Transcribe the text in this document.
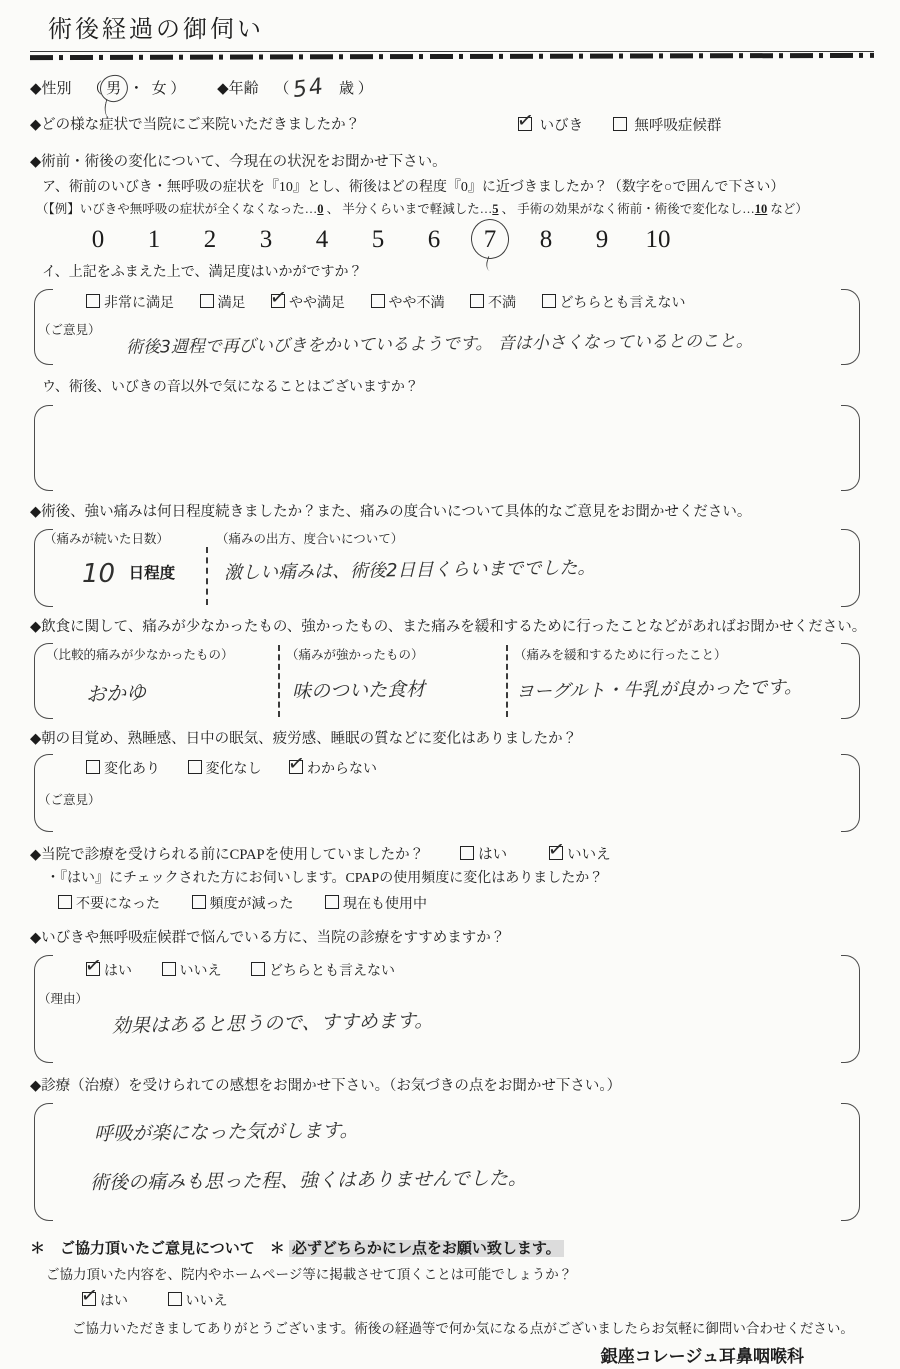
術後経過の御伺い
◆性別 （ 男 ・ 女 ） ◆年齢 （ 54 歳 ）
◆どの様な症状で当院にご来院いただきましたか？ ✓	いびき	無呼吸症候群
◆術前・術後の変化について、今現在の状況をお聞かせ下さい。
ア、術前のいびき・無呼吸の症状を『10』とし、術後はどの程度『0』に近づきましたか？（数字を○で囲んで下さい）
（【例】いびきや無呼吸の症状が全くなくなった…0 、 半分くらいまで軽減した…5 、 手術の効果がなく術前・術後で変化なし…10 など）
0	1	2	3	4	5	6	7	8	9	10
イ、上記をふまえた上で、満足度はいかがですか？
非常に満足	満足 ✓	やや満足	やや不満	不満	どちらとも言えない
（ご意見）
術後3週程で再びいびきをかいているようです。 音は小さくなっているとのこと。
ウ、術後、いびきの音以外で気になることはございますか？
◆術後、強い痛みは何日程度続きましたか？また、痛みの度合いについて具体的なご意見をお聞かせください。
（痛みが続いた日数）
10 日程度
（痛みの出方、度合いについて）
激しい痛みは、術後2日目くらいまででした。
◆飲食に関して、痛みが少なかったもの、強かったもの、また痛みを緩和するために行ったことなどがあればお聞かせください。
（比較的痛みが少なかったもの）
おかゆ
（痛みが強かったもの）
味のついた食材
（痛みを緩和するために行ったこと）
ヨーグルト・牛乳が良かったです。
◆朝の目覚め、熟睡感、日中の眠気、疲労感、睡眠の質などに変化はありましたか？
変化あり	変化なし ✓	わからない
（ご意見）
◆当院で診療を受けられる前にCPAPを使用していましたか？	はい ✓	いいえ
・『はい』にチェックされた方にお伺いします。CPAPの使用頻度に変化はありましたか？
不要になった	頻度が減った	現在も使用中
◆いびきや無呼吸症候群で悩んでいる方に、当院の診療をすすめますか？
✓はい	いいえ	どちらとも言えない
（理由）
効果はあると思うので、すすめます。
◆診療（治療）を受けられての感想をお聞かせ下さい。（お気づきの点をお聞かせ下さい。）
呼吸が楽になった気がします。
術後の痛みも思った程、強くはありませんでした。
＊　ご協力頂いたご意見について　＊ 必ずどちらかにレ点をお願い致します。
ご協力頂いた内容を、院内やホームページ等に掲載させて頂くことは可能でしょうか？
✓はい	いいえ
ご協力いただきましてありがとうございます。術後の経過等で何か気になる点がございましたらお気軽に御問い合わせください。
銀座コレージュ耳鼻咽喉科
